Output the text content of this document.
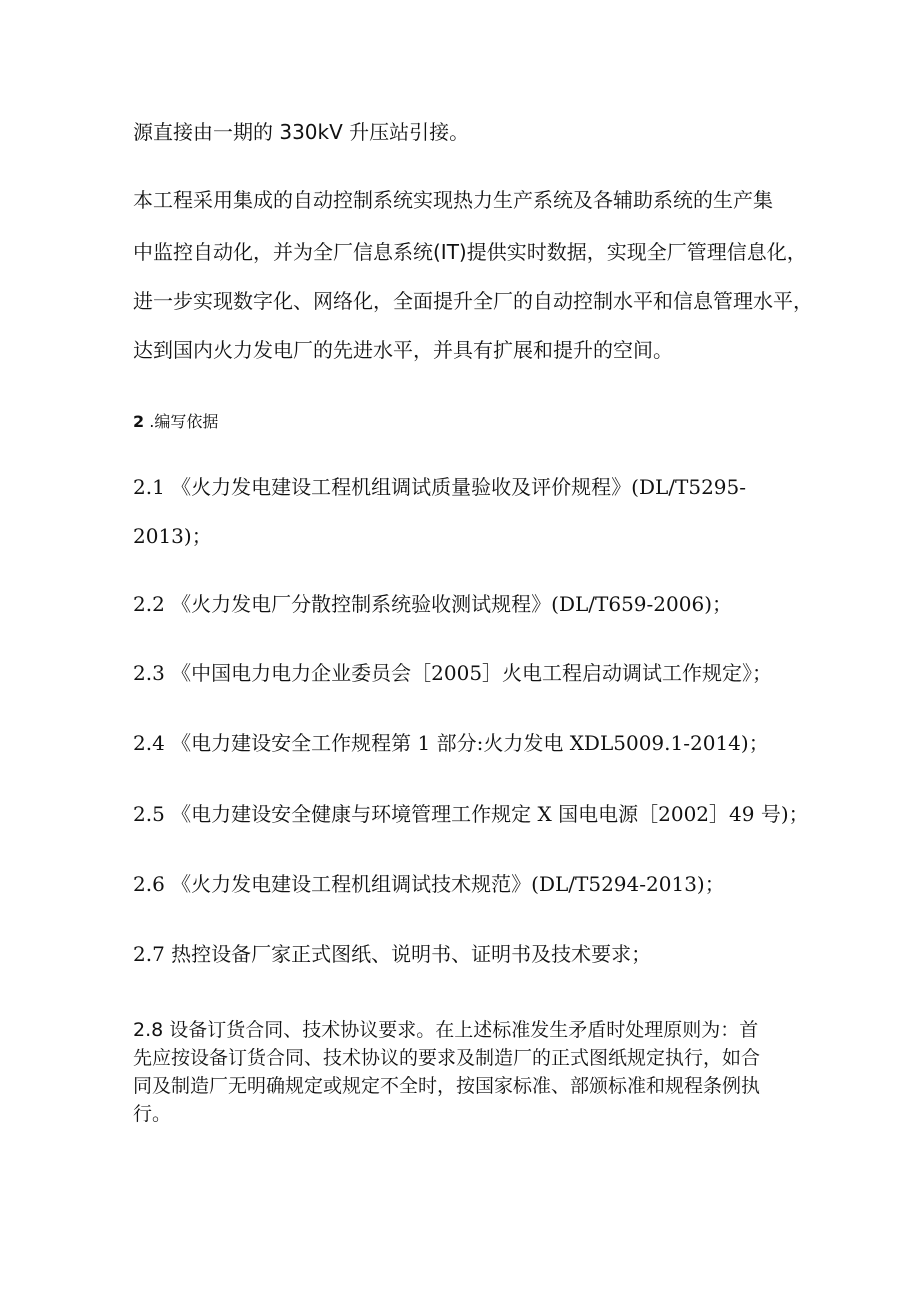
源直接由一期的 330kV 升压站引接。
本工程采用集成的自动控制系统实现热力生产系统及各辅助系统的生产集
中监控自动化，并为全厂信息系统(IT)提供实时数据，实现全厂管理信息化，
进一步实现数字化、网络化，全面提升全厂的自动控制水平和信息管理水平，
达到国内火力发电厂的先进水平，并具有扩展和提升的空间。
2 .编写依据
2.1 《火力发电建设工程机组调试质量验收及评价规程》(DL/T5295-
2013)；
2.2 《火力发电厂分散控制系统验收测试规程》(DL/T659-2006)；
2.3 《中国电力电力企业委员会［2005］火电工程启动调试工作规定》；
2.4 《电力建设安全工作规程第 1 部分:火力发电 XDL5009.1-2014)；
2.5 《电力建设安全健康与环境管理工作规定 X 国电电源［2002］49 号)；
2.6 《火力发电建设工程机组调试技术规范》(DL/T5294-2013)；
2.7 热控设备厂家正式图纸、说明书、证明书及技术要求；
2.8 设备订货合同、技术协议要求。在上述标准发生矛盾时处理原则为：首
先应按设备订货合同、技术协议的要求及制造厂的正式图纸规定执行，如合
同及制造厂无明确规定或规定不全时，按国家标准、部颁标准和规程条例执
行。
